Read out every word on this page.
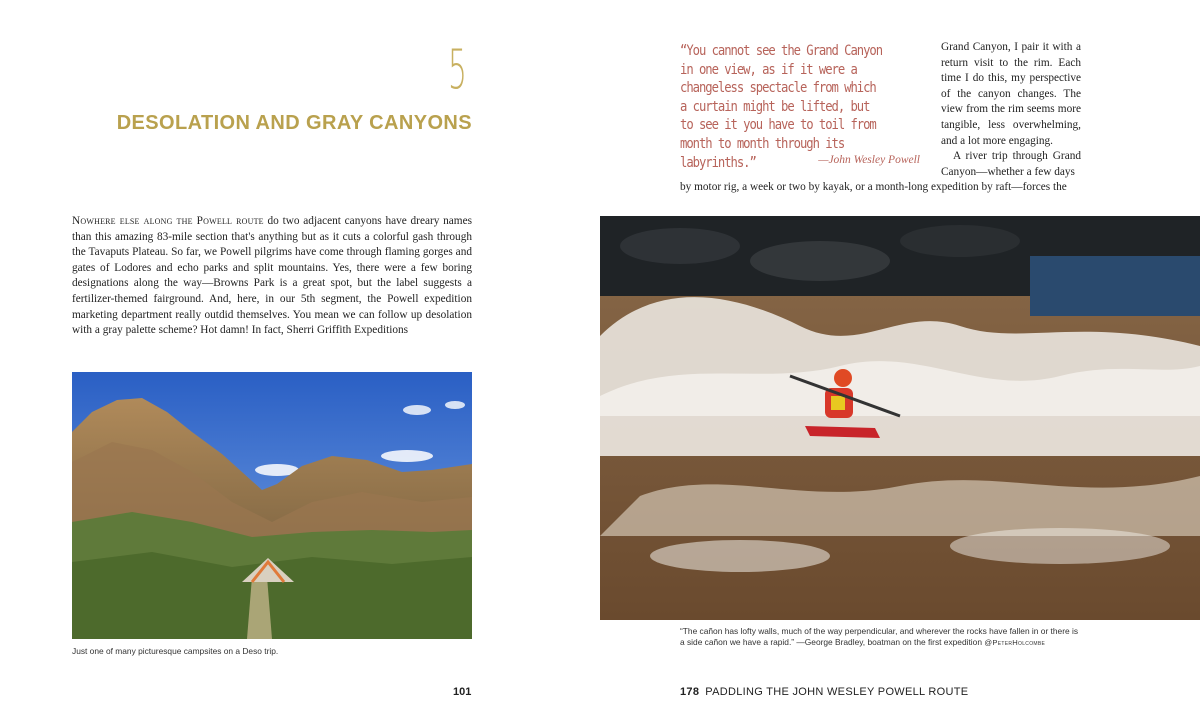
5
DESOLATION AND GRAY CANYONS
Nowhere else along the Powell route do two adjacent canyons have dreary names than this amazing 83-mile section that's anything but as it cuts a colorful gash through the Tavaputs Plateau. So far, we Powell pilgrims have come through flaming gorges and gates of Lodores and echo parks and split mountains. Yes, there were a few boring designations along the way—Browns Park is a great spot, but the label suggests a fertilizer-themed fairground. And, here, in our 5th segment, the Powell expedition marketing department really outdid themselves. You mean we can follow up desolation with a gray palette scheme? Hot damn! In fact, Sherri Griffith Expeditions
Just one of many picturesque campsites on a Deso trip.
101
“You cannot see the Grand Canyon in one view, as if it were a changeless spectacle from which a curtain might be lifted, but to see it you have to toil from month to month through its labyrinths.”	—John Wesley Powell

Grand Canyon, I pair it with a return visit to the rim. Each time I do this, my perspective of the canyon changes. The view from the rim seems more tangible, less overwhelming, and a lot more engaging.

A river trip through Grand Canyon—whether a few days

by motor rig, a week or two by kayak, or a month-long expedition by raft—forces the
“The cañon has lofty walls, much of the way perpendicular, and wherever the rocks have fallen in or there is a side cañon we have a rapid.” —George Bradley, boatman on the first expedition @PeterHolcombe
178 PADDLING THE JOHN WESLEY POWELL ROUTE
